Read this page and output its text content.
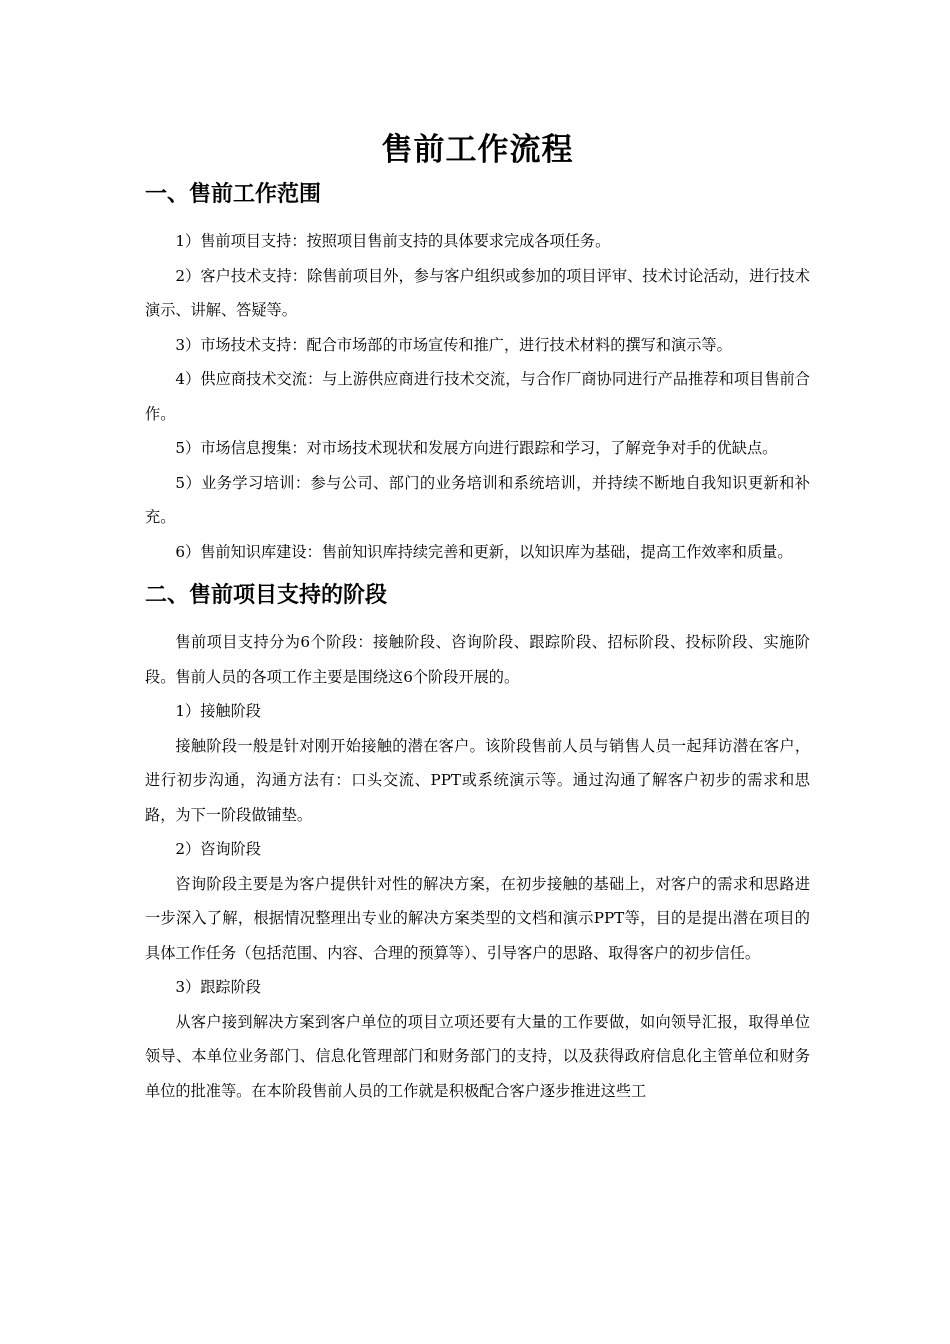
售前工作流程
一、售前工作范围

1）售前项目支持：按照项目售前支持的具体要求完成各项任务。

2）客户技术支持：除售前项目外，参与客户组织或参加的项目评审、技术讨论活动，进行技术演示、讲解、答疑等。

3）市场技术支持：配合市场部的市场宣传和推广，进行技术材料的撰写和演示等。

4）供应商技术交流：与上游供应商进行技术交流，与合作厂商协同进行产品推荐和项目售前合作。

5）市场信息搜集：对市场技术现状和发展方向进行跟踪和学习，了解竞争对手的优缺点。

5）业务学习培训：参与公司、部门的业务培训和系统培训，并持续不断地自我知识更新和补充。

6）售前知识库建设：售前知识库持续完善和更新，以知识库为基础，提高工作效率和质量。

二、售前项目支持的阶段

售前项目支持分为6个阶段：接触阶段、咨询阶段、跟踪阶段、招标阶段、投标阶段、实施阶段。售前人员的各项工作主要是围绕这6个阶段开展的。

1）接触阶段

接触阶段一般是针对刚开始接触的潜在客户。该阶段售前人员与销售人员一起拜访潜在客户，进行初步沟通，沟通方法有：口头交流、PPT或系统演示等。通过沟通了解客户初步的需求和思路，为下一阶段做铺垫。

2）咨询阶段

咨询阶段主要是为客户提供针对性的解决方案，在初步接触的基础上，对客户的需求和思路进一步深入了解，根据情况整理出专业的解决方案类型的文档和演示PPT等，目的是提出潜在项目的具体工作任务（包括范围、内容、合理的预算等）、引导客户的思路、取得客户的初步信任。

3）跟踪阶段

从客户接到解决方案到客户单位的项目立项还要有大量的工作要做，如向领导汇报，取得单位领导、本单位业务部门、信息化管理部门和财务部门的支持，以及获得政府信息化主管单位和财务单位的批准等。在本阶段售前人员的工作就是积极配合客户逐步推进这些工
